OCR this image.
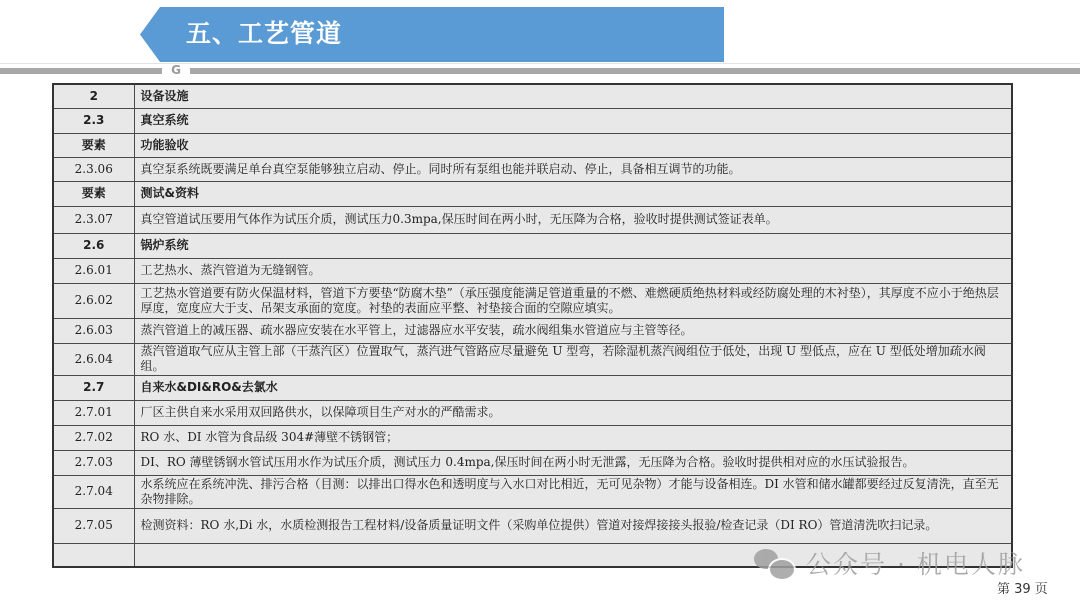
五、工艺管道
G
2	设备设施
2.3	真空系统
要素	功能验收
2.3.06	真空泵系统既要满足单台真空泵能够独立启动、停止。同时所有泵组也能并联启动、停止，具备相互调节的功能。
要素	测试&资料
2.3.07	真空管道试压要用气体作为试压介质，测试压力0.3mpa,保压时间在两小时，无压降为合格，验收时提供测试签证表单。
2.6	锅炉系统
2.6.01	工艺热水、蒸汽管道为无缝钢管。
2.6.02	工艺热水管道要有防火保温材料，管道下方要垫“防腐木垫”（承压强度能满足管道重量的不燃、难燃硬质绝热材料或经防腐处理的木衬垫），其厚度不应小于绝热层厚度，宽度应大于支、吊架支承面的宽度。衬垫的表面应平整、衬垫接合面的空隙应填实。
2.6.03	蒸汽管道上的减压器、疏水器应安装在水平管上，过滤器应水平安装，疏水阀组集水管道应与主管等径。
2.6.04	蒸汽管道取气应从主管上部（干蒸汽区）位置取气，蒸汽进气管路应尽量避免 U 型弯，若除湿机蒸汽阀组位于低处，出现 U 型低点，应在 U 型低处增加疏水阀组。
2.7	自来水&DI&RO&去氯水
2.7.01	厂区主供自来水采用双回路供水，以保障项目生产对水的严酷需求。
2.7.02	RO 水、DI 水管为食品级 304#薄壁不锈钢管；
2.7.03	DI、RO 薄壁锈钢水管试压用水作为试压介质，测试压力 0.4mpa,保压时间在两小时无泄露，无压降为合格。验收时提供相对应的水压试验报告。
2.7.04	水系统应在系统冲洗、排污合格（目测：以排出口得水色和透明度与入水口对比相近，无可见杂物）才能与设备相连。DI 水管和储水罐都要经过反复清洗，直至无杂物排除。
2.7.05	检测资料：RO 水,Di 水，水质检测报告工程材料/设备质量证明文件（采购单位提供）管道对接焊接接头报验/检查记录（DI RO）管道清洗吹扫记录。

公众号 · 机电人脉
第 39 页
